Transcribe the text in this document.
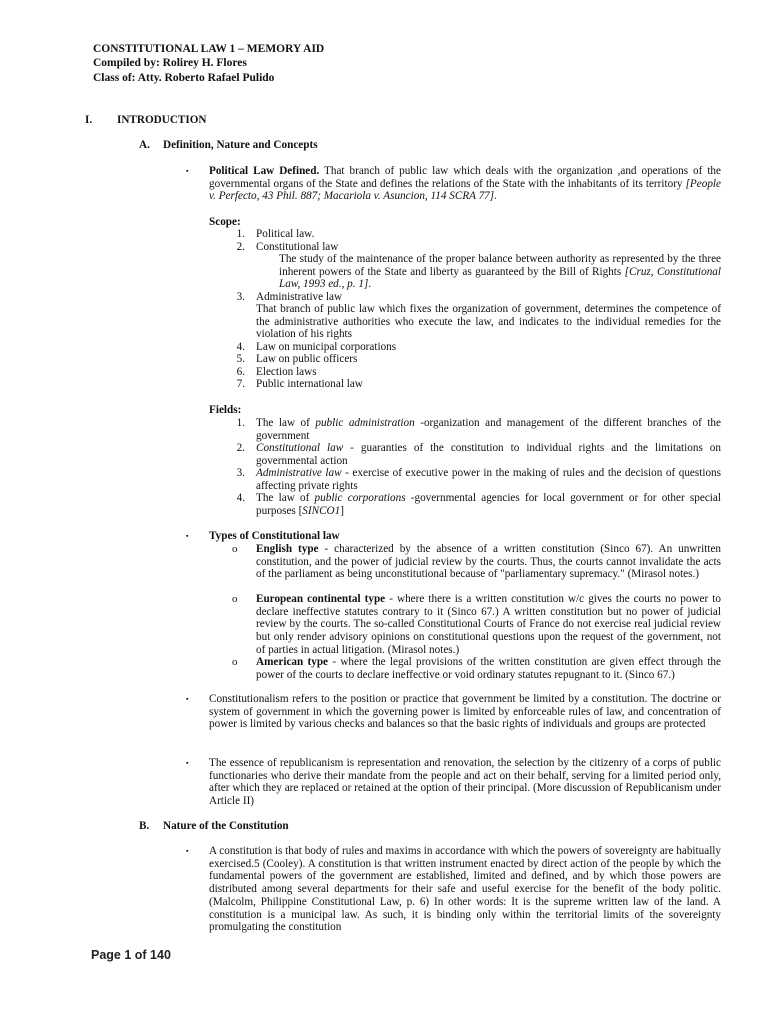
CONSTITUTIONAL LAW 1 – MEMORY AID
Compiled by: Rolirey H. Flores
Class of: Atty. Roberto Rafael Pulido
I. INTRODUCTION
A. Definition, Nature and Concepts
▪ Political Law Defined. That branch of public law which deals with the organization ,and operations of the governmental organs of the State and defines the relations of the State with the inhabitants of its territory [People v. Perfecto, 43 Phil. 887; Macariola v. Asuncion, 114 SCRA 77].
Scope:
1. Political law.
2. Constitutional law
The study of the maintenance of the proper balance between authority as represented by the three inherent powers of the State and liberty as guaranteed by the Bill of Rights [Cruz, Constitutional Law, 1993 ed., p. 1].
3. Administrative law
That branch of public law which fixes the organization of government, determines the competence of the administrative authorities who execute the law, and indicates to the individual remedies for the violation of his rights
4. Law on municipal corporations
5. Law on public officers
6. Election laws
7. Public international law
Fields:
1. The law of public administration -organization and management of the different branches of the government
2. Constitutional law - guaranties of the constitution to individual rights and the limitations on governmental action
3. Administrative law - exercise of executive power in the making of rules and the decision of questions affecting private rights
4. The law of public corporations -governmental agencies for local government or for other special purposes [SINCO1]
▪ Types of Constitutional law
o English type - characterized by the absence of a written constitution (Sinco 67). An unwritten constitution, and the power of judicial review by the courts. Thus, the courts cannot invalidate the acts of the parliament as being unconstitutional because of "parliamentary supremacy." (Mirasol notes.)
o European continental type - where there is a written constitution w/c gives the courts no power to declare ineffective statutes contrary to it (Sinco 67.) A written constitution but no power of judicial review by the courts. The so-called Constitutional Courts of France do not exercise real judicial review but only render advisory opinions on constitutional questions upon the request of the government, not of parties in actual litigation. (Mirasol notes.)
o American type - where the legal provisions of the written constitution are given effect through the power of the courts to declare ineffective or void ordinary statutes repugnant to it. (Sinco 67.)
▪ Constitutionalism refers to the position or practice that government be limited by a constitution. The doctrine or system of government in which the governing power is limited by enforceable rules of law, and concentration of power is limited by various checks and balances so that the basic rights of individuals and groups are protected
▪ The essence of republicanism is representation and renovation, the selection by the citizenry of a corps of public functionaries who derive their mandate from the people and act on their behalf, serving for a limited period only, after which they are replaced or retained at the option of their principal. (More discussion of Republicanism under Article II)
B. Nature of the Constitution
▪ A constitution is that body of rules and maxims in accordance with which the powers of sovereignty are habitually exercised.5 (Cooley). A constitution is that written instrument enacted by direct action of the people by which the fundamental powers of the government are established, limited and defined, and by which those powers are distributed among several departments for their safe and useful exercise for the benefit of the body politic. (Malcolm, Philippine Constitutional Law, p. 6) In other words: It is the supreme written law of the land. A constitution is a municipal law. As such, it is binding only within the territorial limits of the sovereignty promulgating the constitution
Page 1 of 140
